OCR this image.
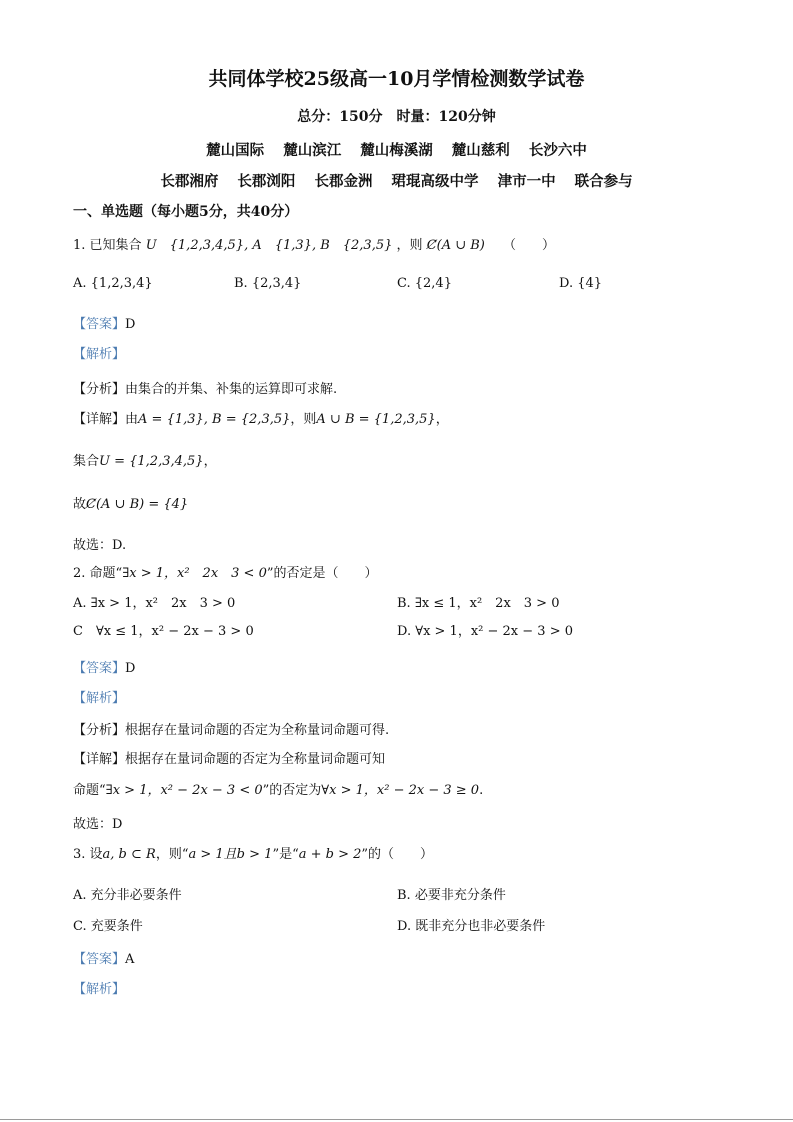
共同体学校25级高一10月学情检测数学试卷
总分：150分　时量：120分钟
麓山国际 麓山滨江 麓山梅溪湖 麓山慈利 长沙六中
长郡湘府 长郡浏阳 长郡金洲 珺琨高级中学 津市一中 联合参与
一、单选题（每小题5分，共40分）
1. 已知集合 U　{1,2,3,4,5}, A　{1,3}, B　{2,3,5} ，则 Ȼ(A ∪ B) （　　）
A. {1,2,3,4}	B. {2,3,4}	C. {2,4}	D. {4}
【答案】D
【解析】
【分析】由集合的并集、补集的运算即可求解.
【详解】由A = {1,3}, B = {2,3,5}，则A ∪ B = {1,2,3,5}，
集合U = {1,2,3,4,5}，
故Ȼ(A ∪ B) = {4}
故选：D.
2. 命题“∃x > 1，x²　2x　3 < 0”的否定是（　　）
A. ∃x > 1，x²　2x　3 > 0	B. ∃x ≤ 1，x²　2x　3 > 0
C　∀x ≤ 1，x² − 2x − 3 > 0	D. ∀x > 1，x² − 2x − 3 > 0
【答案】D
【解析】
【分析】根据存在量词命题的否定为全称量词命题可得.
【详解】根据存在量词命题的否定为全称量词命题可知
命题“∃x > 1，x² − 2x − 3 < 0”的否定为∀x > 1，x² − 2x − 3 ≥ 0.
故选：D
3. 设a, b ⊂ R，则“a > 1且b > 1”是“a + b > 2”的（　　）
A. 充分非必要条件	B. 必要非充分条件
C. 充要条件	D. 既非充分也非必要条件
【答案】A
【解析】
